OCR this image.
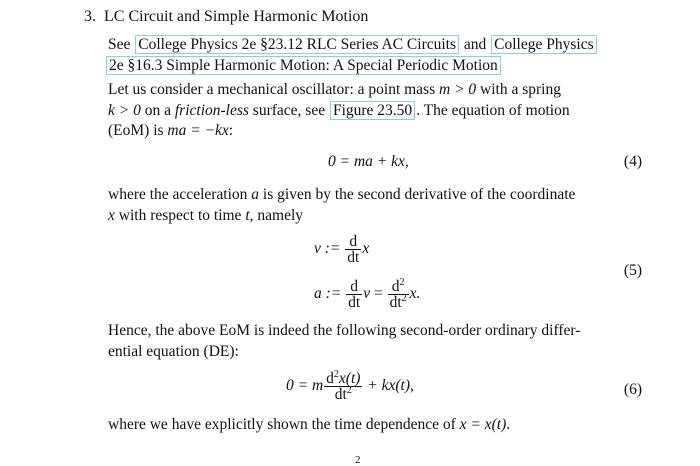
3. LC Circuit and Simple Harmonic Motion
See College Physics 2e §23.12 RLC Series AC Circuits and College Physics
2e §16.3 Simple Harmonic Motion: A Special Periodic Motion
Let us consider a mechanical oscillator: a point mass m > 0 with a spring
k > 0 on a friction-less surface, see Figure 23.50 . The equation of motion
(EoM) is ma = −kx:
0 = ma + kx,	(4)
where the acceleration a is given by the second derivative of the coordinate
x with respect to time t, namely
v := $\frac{d}{dt}$ x
a := $\frac{d}{dt}$ $v = \frac{d^2}{dt^2} x$.
(5)
Hence, the above EoM is indeed the following second-order ordinary differ-
ential equation (DE):
0 = m $\frac{d^2x(t)}{dt^2} + kx(t)$,	(6)
where we have explicitly shown the time dependence of x = x(t).
2
